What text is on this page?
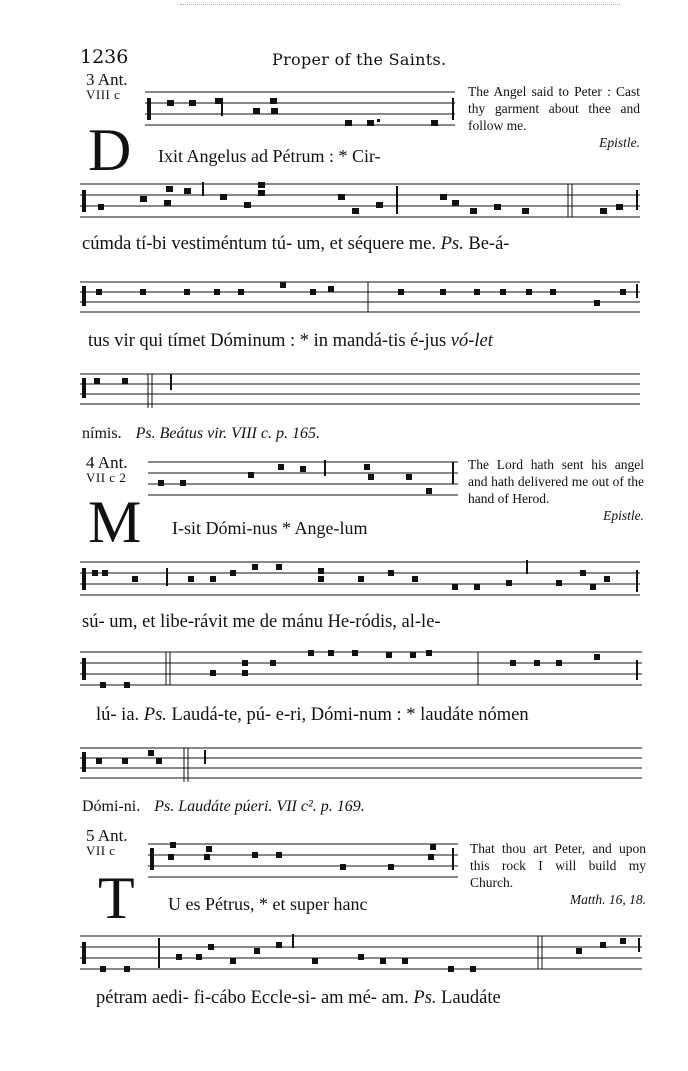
1236	Proper of the Saints.
3 Ant.
VIII c
D Ixit Angelus ad Pétrum : * Cir-
The Angel said to Peter : Cast thy garment about thee and follow me.
Epistle.
cúmda tí-bi vestiméntum tú- um, et séquere me. Ps. Be-á-
tus vir qui tímet Dóminum : * in mandá-tis é-jus vó-let
nímis. Ps. Beátus vir. VIII c. p. 165.
4 Ant.
VII c 2
M I-sit Dómi-nus * Ange-lum
The Lord hath sent his angel and hath delivered me out of the hand of Herod.
Epistle.
sú- um, et libe-rávit me de mánu He-ródis, al-le-
lú- ia. Ps. Laudá-te, pú- e-ri, Dómi-num : * laudáte nómen
Dómi-ni. Ps. Laudáte púeri. VII c². p. 169.
5 Ant.
VII c
T U es Pétrus, * et super hanc
That thou art Peter, and upon this rock I will build my Church.
Matth. 16, 18.
pétram aedi- fi-cábo Eccle-si- am mé- am. Ps. Laudáte
